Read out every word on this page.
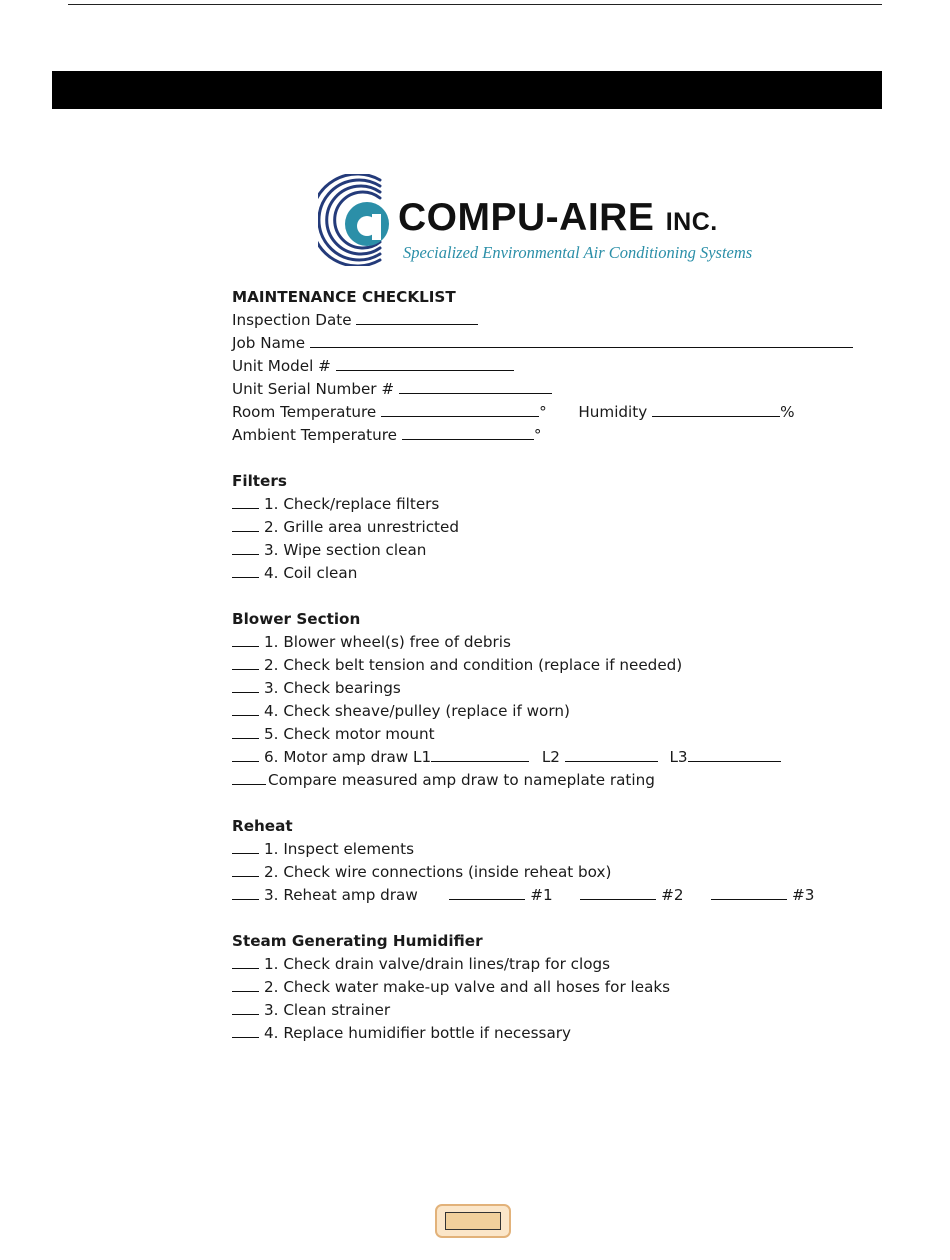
COMPU-AIRE INC.
Specialized Environmental Air Conditioning Systems
MAINTENANCE CHECKLIST
Inspection Date
Job Name
Unit Model #
Unit Serial Number #
Room Temperature	° Humidity	%
Ambient Temperature	°
Filters
1. Check/replace filters
2. Grille area unrestricted
3. Wipe section clean
4. Coil clean
Blower Section
1. Blower wheel(s) free of debris
2. Check belt tension and condition (replace if needed)
3. Check bearings
4. Check sheave/pulley (replace if worn)
5. Check motor mount
6. Motor amp draw L1	L2	L3
Compare measured amp draw to nameplate rating
Reheat
1. Inspect elements
2. Check wire connections (inside reheat box)
3. Reheat amp draw	#1	#2	#3
Steam Generating Humidifier
1. Check drain valve/drain lines/trap for clogs
2. Check water make-up valve and all hoses for leaks
3. Clean strainer
4. Replace humidifier bottle if necessary
